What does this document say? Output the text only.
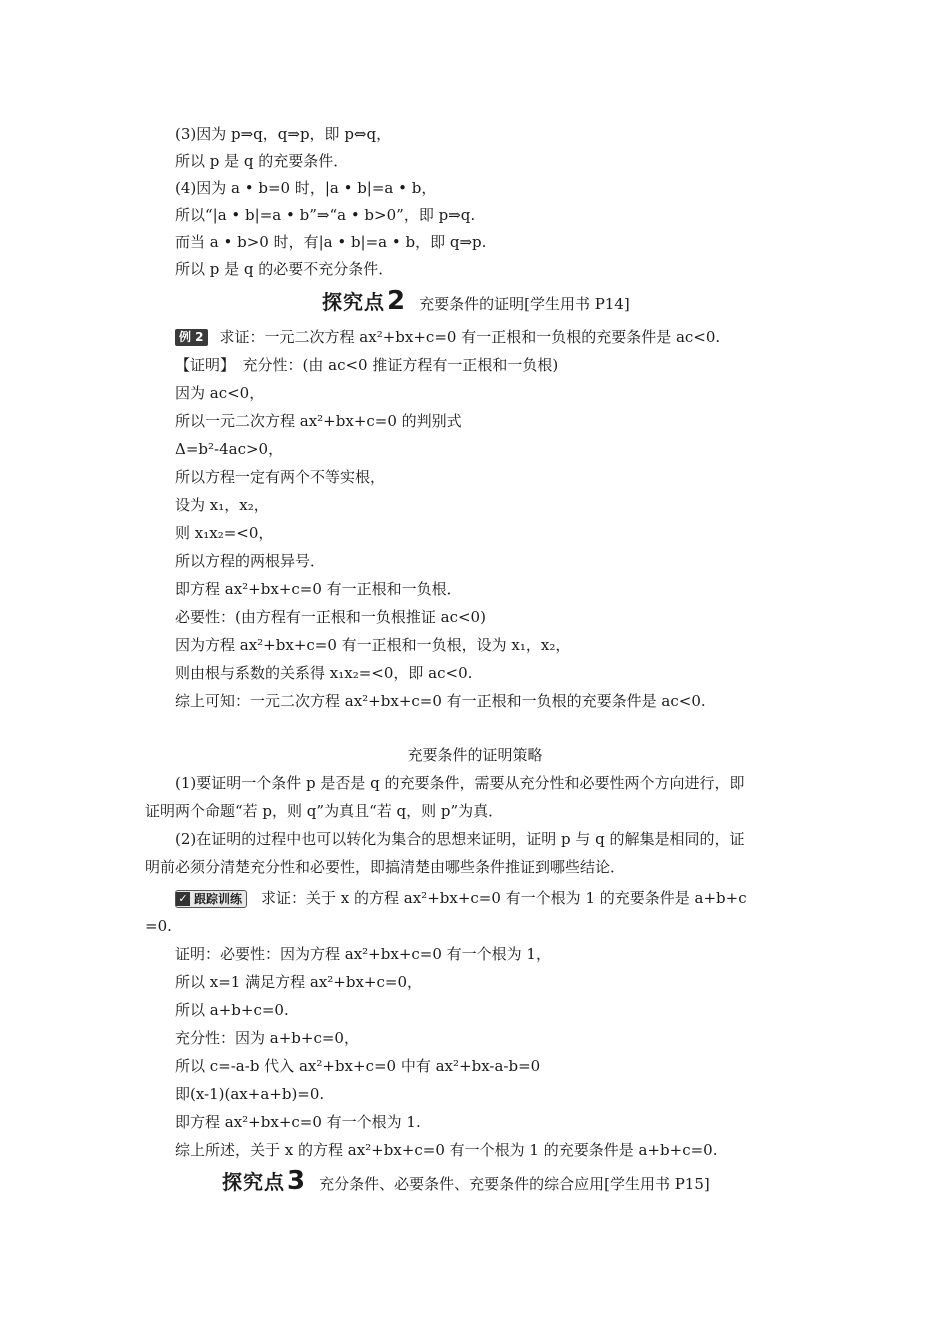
(3)因为 p⇒q，q⇒p，即 p⇔q，
所以 p 是 q 的充要条件．
(4)因为 a • b=0 时，|a • b|=a • b，
所以“|a • b|=a • b”⇒“a • b>0”，即 p⇒q.
而当 a • b>0 时，有|a • b|=a • b，即 q⇒p.
所以 p 是 q 的必要不充分条件．
探究点 2 充要条件的证明[学生用书 P14]
例 2 求证：一元二次方程 ax²+bx+c=0 有一正根和一负根的充要条件是 ac<0.
【证明】　充分性：(由 ac<0 推证方程有一正根和一负根)
因为 ac<0，
所以一元二次方程 ax²+bx+c=0 的判别式
Δ=b²-4ac>0，
所以方程一定有两个不等实根，
设为 x₁，x₂，
则 x₁x₂=<0，
所以方程的两根异号．
即方程 ax²+bx+c=0 有一正根和一负根．
必要性：(由方程有一正根和一负根推证 ac<0)
因为方程 ax²+bx+c=0 有一正根和一负根，设为 x₁，x₂，
则由根与系数的关系得 x₁x₂=<0，即 ac<0.
综上可知：一元二次方程 ax²+bx+c=0 有一正根和一负根的充要条件是 ac<0.
充要条件的证明策略
(1)要证明一个条件 p 是否是 q 的充要条件，需要从充分性和必要性两个方向进行，即
证明两个命题“若 p，则 q”为真且“若 q，则 p”为真．
(2)在证明的过程中也可以转化为集合的思想来证明，证明 p 与 q 的解集是相同的，证
明前必须分清楚充分性和必要性，即搞清楚由哪些条件推证到哪些结论．
✓ 跟踪训练 求证：关于 x 的方程 ax²+bx+c=0 有一个根为 1 的充要条件是 a+b+c
=0.
证明：必要性：因为方程 ax²+bx+c=0 有一个根为 1，
所以 x=1 满足方程 ax²+bx+c=0，
所以 a+b+c=0.
充分性：因为 a+b+c=0，
所以 c=-a-b 代入 ax²+bx+c=0 中有 ax²+bx-a-b=0
即(x-1)(ax+a+b)=0.
即方程 ax²+bx+c=0 有一个根为 1.
综上所述，关于 x 的方程 ax²+bx+c=0 有一个根为 1 的充要条件是 a+b+c=0.
探究点 3 充分条件、必要条件、充要条件的综合应用[学生用书 P15]
